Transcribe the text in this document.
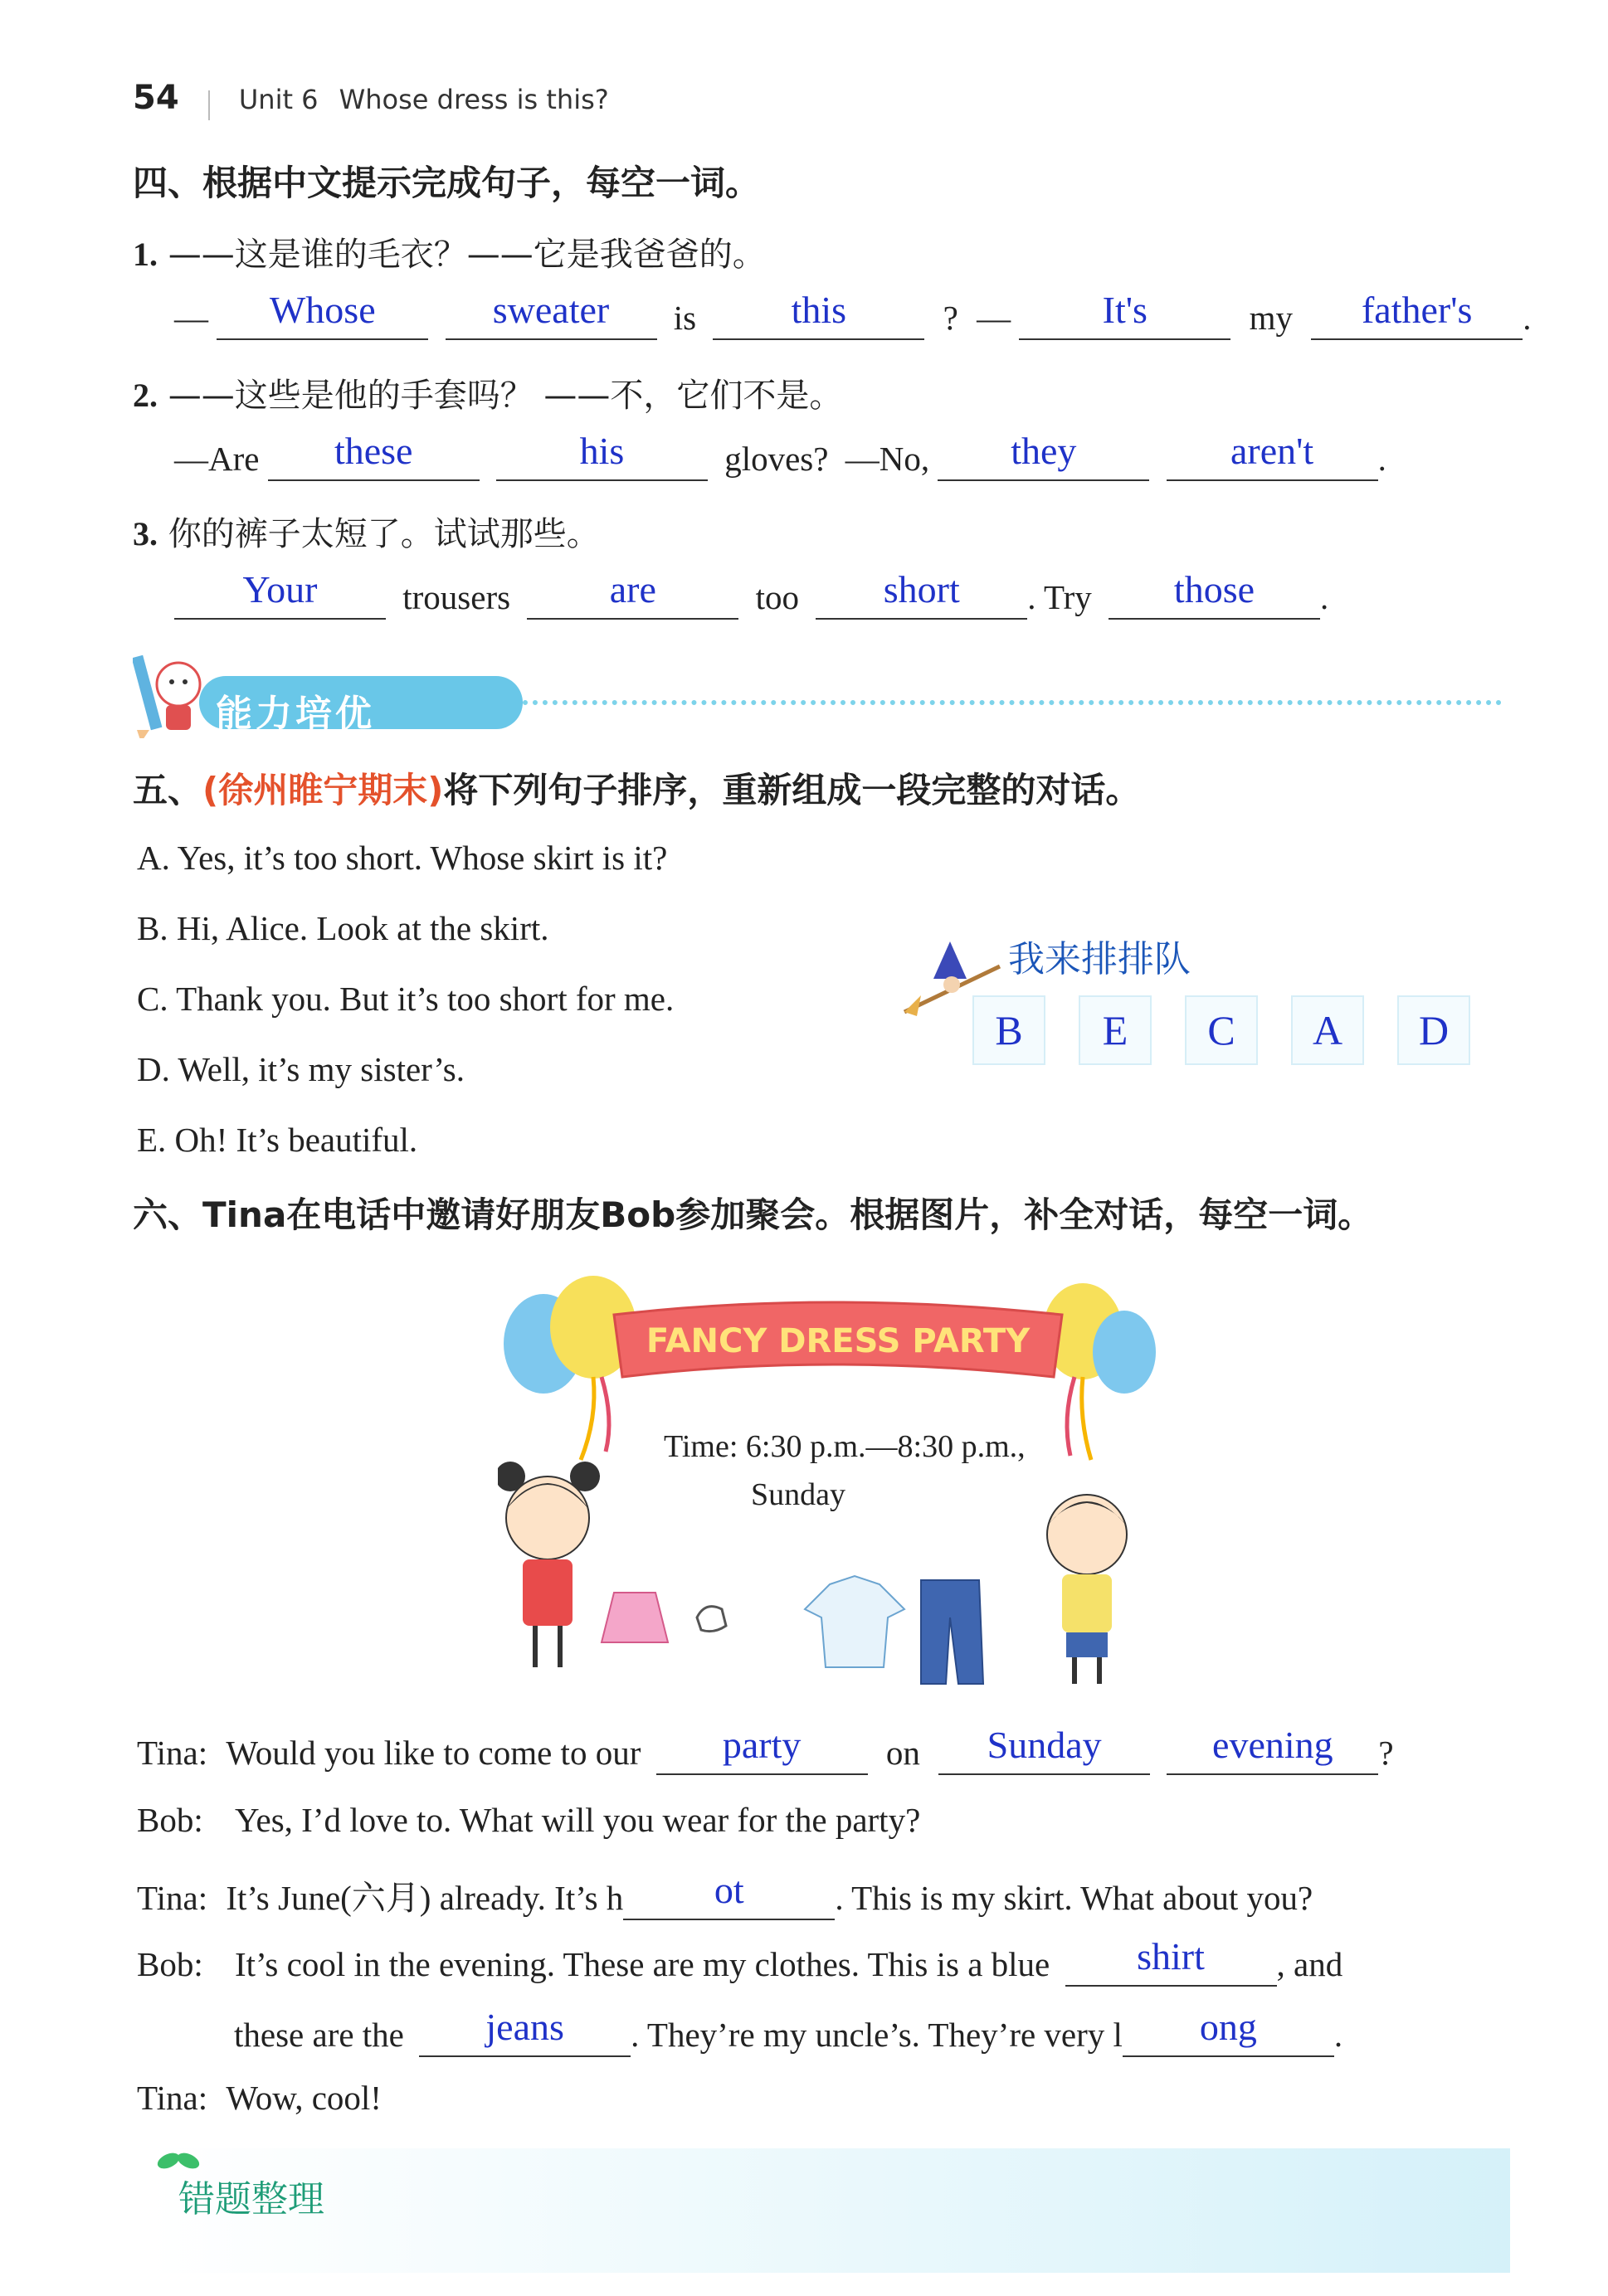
54 Unit 6 Whose dress is this?
四、根据中文提示完成句子，每空一词。
1. ——这是谁的毛衣？——它是我爸爸的。
— Whose	sweater is this	? — It's	my father's .
2. ——这些是他的手套吗？ ——不，它们不是。
—Are these	his	gloves? —No, they	aren't .
3. 你的裤子太短了。试试那些。
Your	trousers	are	too short . Try those .
能力培优
五、(徐州睢宁期末)将下列句子排序，重新组成一段完整的对话。
A. Yes, it’s too short. Whose skirt is it?
B. Hi, Alice. Look at the skirt.
C. Thank you. But it’s too short for me.
D. Well, it’s my sister’s.
E. Oh! It’s beautiful.
我来排排队
B	E	C	A	D
六、Tina在电话中邀请好朋友Bob参加聚会。根据图片，补全对话，每空一词。
FANCY DRESS PARTY
Time: 6:30 p.m.—8:30 p.m.,
Sunday
Tina: Would you like to come to our party	on Sunday	evening ?
Bob: Yes, I’d love to. What will you wear for the party?
Tina: It’s June(六月) already. It’s h ot	. This is my skirt. What about you?
Bob: It’s cool in the evening. These are my clothes. This is a blue shirt , and
these are the jeans . They’re my uncle’s. They’re very l ong .
Tina: Wow, cool!
错题整理
